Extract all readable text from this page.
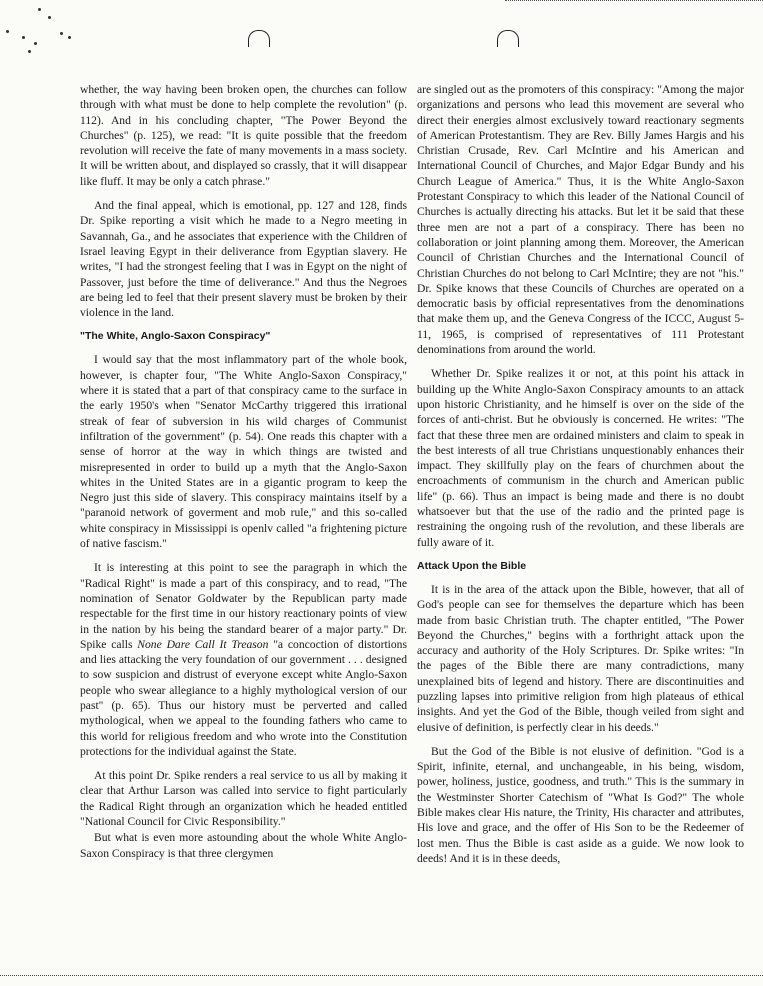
whether, the way having been broken open, the churches can follow through with what must be done to help complete the revolution" (p. 112). And in his concluding chapter, "The Power Beyond the Churches" (p. 125), we read: "It is quite possible that the freedom revolution will receive the fate of many movements in a mass society. It will be written about, and displayed so crassly, that it will disappear like fluff. It may be only a catch phrase."

And the final appeal, which is emotional, pp. 127 and 128, finds Dr. Spike reporting a visit which he made to a Negro meeting in Savannah, Ga., and he associates that experience with the Children of Israel leaving Egypt in their deliverance from Egyptian slavery. He writes, "I had the strongest feeling that I was in Egypt on the night of Passover, just before the time of deliverance." And thus the Negroes are being led to feel that their present slavery must be broken by their violence in the land.

"The White, Anglo-Saxon Conspiracy"

I would say that the most inflammatory part of the whole book, however, is chapter four, "The White Anglo-Saxon Conspiracy," where it is stated that a part of that conspiracy came to the surface in the early 1950's when "Senator McCarthy triggered this irrational streak of fear of subversion in his wild charges of Communist infiltration of the government" (p. 54). One reads this chapter with a sense of horror at the way in which things are twisted and misrepresented in order to build up a myth that the Anglo-Saxon whites in the United States are in a gigantic program to keep the Negro just this side of slavery. This conspiracy maintains itself by a "paranoid network of goverment and mob rule," and this so-called white conspiracy in Mississippi is openlv called "a frightening picture of native fascism."

It is interesting at this point to see the paragraph in which the "Radical Right" is made a part of this conspiracy, and to read, "The nomination of Senator Goldwater by the Republican party made respectable for the first time in our history reactionary points of view in the nation by his being the standard bearer of a major party." Dr. Spike calls None Dare Call It Treason "a concoction of distortions and lies attacking the very foundation of our government . . . designed to sow suspicion and distrust of everyone except white Anglo-Saxon people who swear allegiance to a highly mythological version of our past" (p. 65). Thus our history must be perverted and called mythological, when we appeal to the founding fathers who came to this world for religious freedom and who wrote into the Constitution protections for the individual against the State.

At this point Dr. Spike renders a real service to us all by making it clear that Arthur Larson was called into service to fight particularly the Radical Right through an organization which he headed entitled "National Council for Civic Responsibility."

But what is even more astounding about the whole White Anglo-Saxon Conspiracy is that three clergymen

are singled out as the promoters of this conspiracy: "Among the major organizations and persons who lead this movement are several who direct their energies almost exclusively toward reactionary segments of American Protestantism. They are Rev. Billy James Hargis and his Christian Crusade, Rev. Carl McIntire and his American and International Council of Churches, and Major Edgar Bundy and his Church League of America." Thus, it is the White Anglo-Saxon Protestant Conspiracy to which this leader of the National Council of Churches is actually directing his attacks. But let it be said that these three men are not a part of a conspiracy. There has been no collaboration or joint planning among them. Moreover, the American Council of Christian Churches and the International Council of Christian Churches do not belong to Carl McIntire; they are not "his." Dr. Spike knows that these Councils of Churches are operated on a democratic basis by official representatives from the denominations that make them up, and the Geneva Congress of the ICCC, August 5-11, 1965, is comprised of representatives of 111 Protestant denominations from around the world.

Whether Dr. Spike realizes it or not, at this point his attack in building up the White Anglo-Saxon Conspiracy amounts to an attack upon historic Christianity, and he himself is over on the side of the forces of anti-christ. But he obviously is concerned. He writes: "The fact that these three men are ordained ministers and claim to speak in the best interests of all true Christians unquestionably enhances their impact. They skillfully play on the fears of churchmen about the encroachments of communism in the church and American public life" (p. 66). Thus an impact is being made and there is no doubt whatsoever but that the use of the radio and the printed page is restraining the ongoing rush of the revolution, and these liberals are fully aware of it.

Attack Upon the Bible

It is in the area of the attack upon the Bible, however, that all of God's people can see for themselves the departure which has been made from basic Christian truth. The chapter entitled, "The Power Beyond the Churches," begins with a forthright attack upon the accuracy and authority of the Holy Scriptures. Dr. Spike writes: "In the pages of the Bible there are many contradictions, many unexplained bits of legend and history. There are discontinuities and puzzling lapses into primitive religion from high plateaus of ethical insights. And yet the God of the Bible, though veiled from sight and elusive of definition, is perfectly clear in his deeds."

But the God of the Bible is not elusive of definition. "God is a Spirit, infinite, eternal, and unchangeable, in his being, wisdom, power, holiness, justice, goodness, and truth." This is the summary in the Westminster Shorter Catechism of "What Is God?" The whole Bible makes clear His nature, the Trinity, His character and attributes, His love and grace, and the offer of His Son to be the Redeemer of lost men. Thus the Bible is cast aside as a guide. We now look to deeds! And it is in these deeds,
